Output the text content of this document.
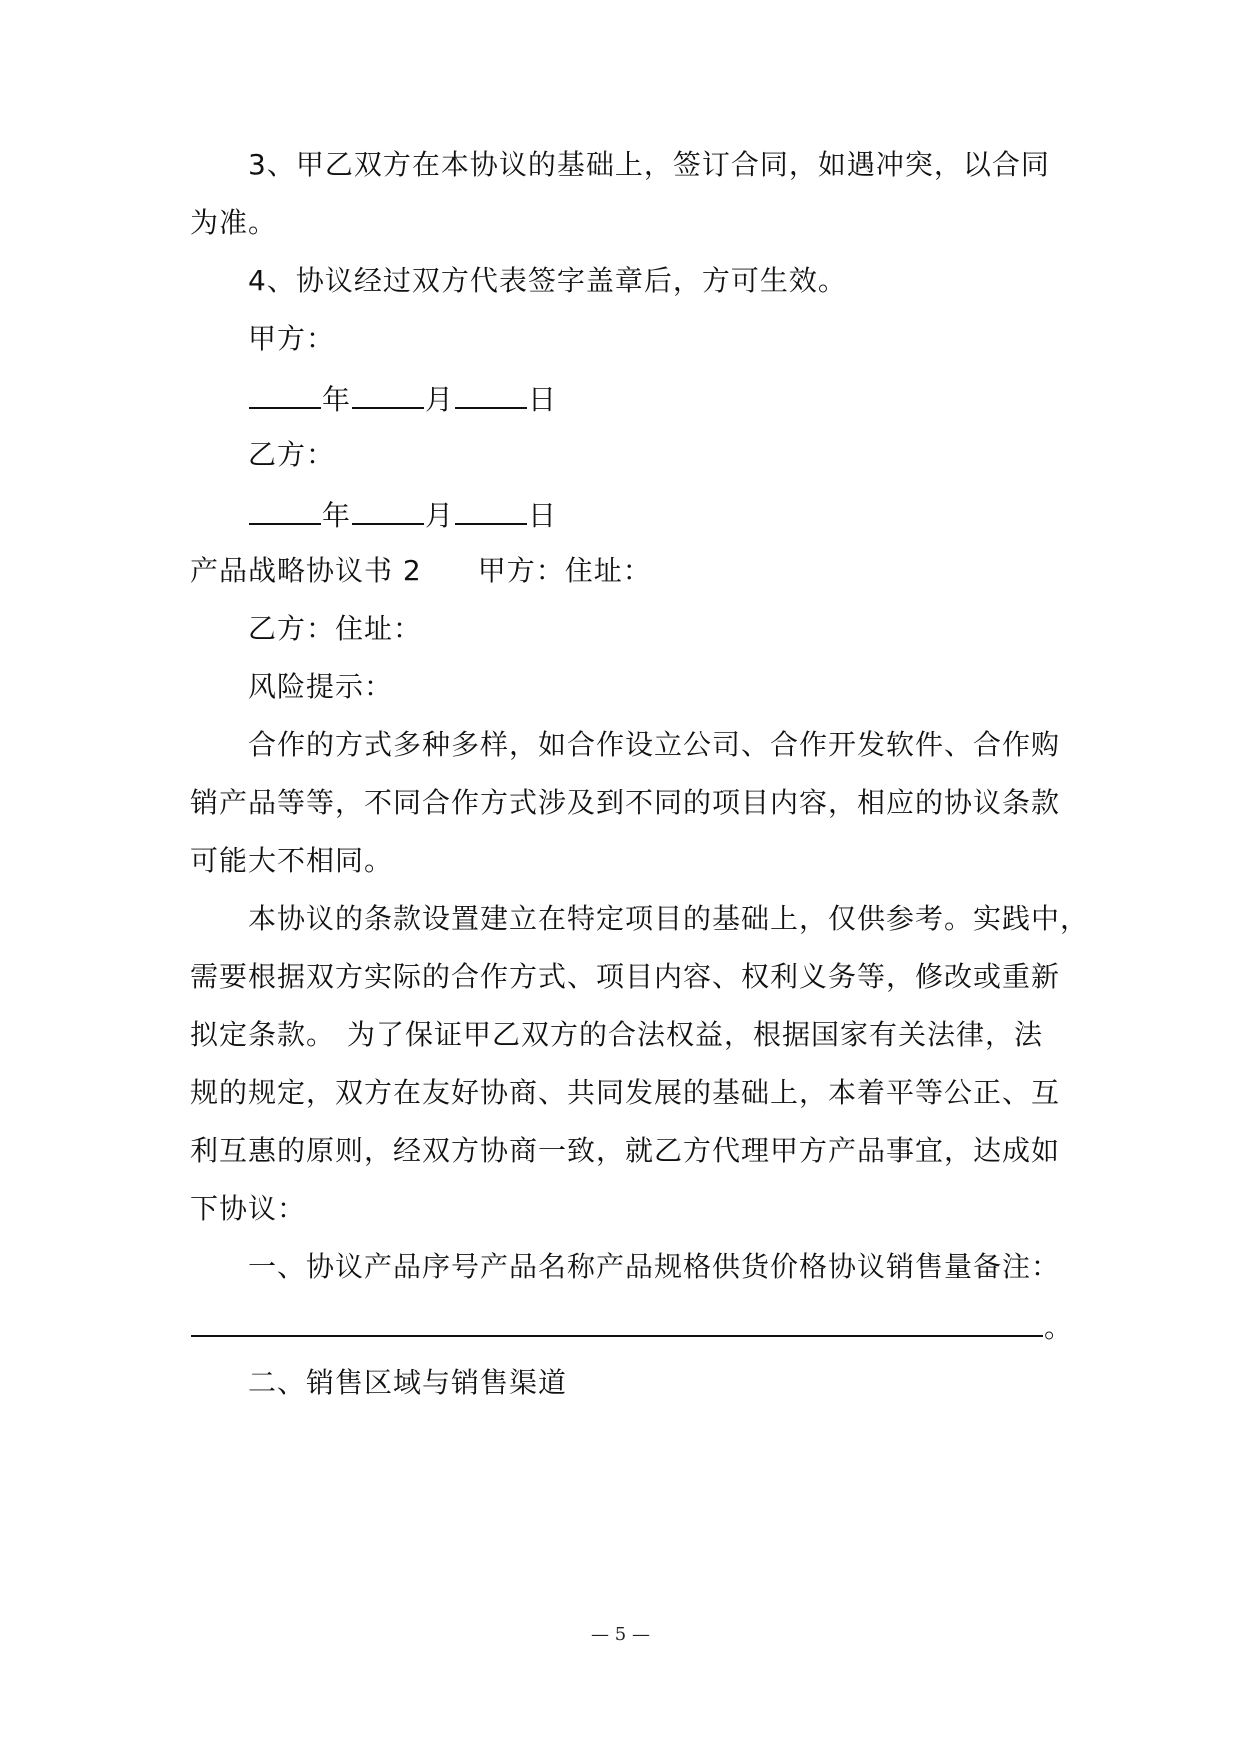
3、甲乙双方在本协议的基础上，签订合同，如遇冲突，以合同
为准。
4、协议经过双方代表签字盖章后，方可生效。
甲方：
年	月	日
乙方：
年	月	日
产品战略协议书 2 甲方：住址：
乙方：住址：
风险提示：
合作的方式多种多样，如合作设立公司、合作开发软件、合作购
销产品等等，不同合作方式涉及到不同的项目内容，相应的协议条款
可能大不相同。
本协议的条款设置建立在特定项目的基础上，仅供参考。实践中，
需要根据双方实际的合作方式、项目内容、权利义务等，修改或重新
拟定条款。 为了保证甲乙双方的合法权益，根据国家有关法律，法
规的规定，双方在友好协商、共同发展的基础上，本着平等公正、互
利互惠的原则，经双方协商一致，就乙方代理甲方产品事宜，达成如
下协议：
一、协议产品序号产品名称产品规格供货价格协议销售量备注：
。
二、销售区域与销售渠道
— 5 —
